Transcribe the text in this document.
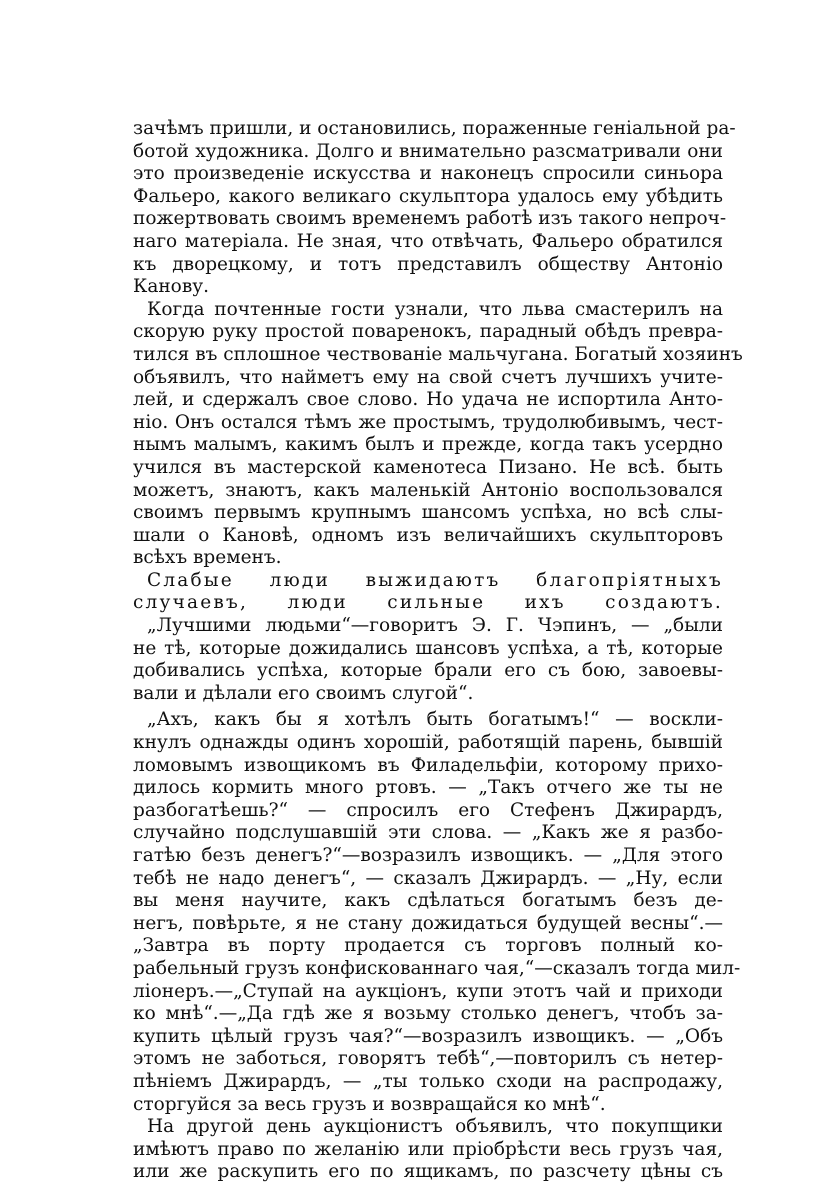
зачѣмъ пришли, и остановились, пораженные геніальной ра-
ботой художника. Долго и внимательно разсматривали они
это произведеніе искусства и наконецъ спросили синьора
Фальеро, какого великаго скульптора удалось ему убѣдить
пожертвовать своимъ временемъ работѣ изъ такого непроч-
наго матеріала. Не зная, что отвѣчать, Фальеро обратился
къ дворецкому, и тотъ представилъ обществу Антоніо
Канову.
Когда почтенные гости узнали, что льва смастерилъ на
скорую руку простой поваренокъ, парадный обѣдъ превра-
тился въ сплошное чествованіе мальчугана. Богатый хозяинъ
объявилъ, что найметъ ему на свой счетъ лучшихъ учите-
лей, и сдержалъ свое слово. Но удача не испортила Анто-
ніо. Онъ остался тѣмъ же простымъ, трудолюбивымъ, чест-
нымъ малымъ, какимъ былъ и прежде, когда такъ усердно
учился въ мастерской каменотеса Пизано. Не всѣ. быть
можетъ, знаютъ, какъ маленькій Антоніо воспользовался
своимъ первымъ крупнымъ шансомъ успѣха, но всѣ слы-
шали о Кановѣ, одномъ изъ величайшихъ скульпторовъ
всѣхъ временъ.
Слабые люди выжидаютъ благопріятныхъ
случаевъ, люди сильные ихъ создаютъ.
„Лучшими людьми“—говоритъ Э. Г. Чэпинъ, — „были
не тѣ, которые дожидались шансовъ успѣха, а тѣ, которые
добивались успѣха, которые брали его съ бою, завоевы-
вали и дѣлали его своимъ слугой“.
„Ахъ, какъ бы я хотѣлъ быть богатымъ!“ — воскли-
кнулъ однажды одинъ хорошій, работящій парень, бывшій
ломовымъ извощикомъ въ Филадельфіи, которому прихо-
дилось кормить много ртовъ. — „Такъ отчего же ты не
разбогатѣешь?“ — спросилъ его Стефенъ Джирардъ,
случайно подслушавшій эти слова. — „Какъ же я разбо-
гатѣю безъ денегъ?“—возразилъ извощикъ. — „Для этого
тебѣ не надо денегъ“, — сказалъ Джирардъ. — „Ну, если
вы меня научите, какъ сдѣлаться богатымъ безъ де-
негъ, повѣрьте, я не стану дожидаться будущей весны“.—
„Завтра въ порту продается съ торговъ полный ко-
рабельный грузъ конфискованнаго чая,“—сказалъ тогда мил-
ліонеръ.—„Ступай на аукціонъ, купи этотъ чай и приходи
ко мнѣ“.—„Да гдѣ же я возьму столько денегъ, чтобъ за-
купить цѣлый грузъ чая?“—возразилъ извощикъ. — „Объ
этомъ не заботься, говорятъ тебѣ“,—повторилъ съ нетер-
пѣніемъ Джирардъ, — „ты только сходи на распродажу,
сторгуйся за весь грузъ и возвращайся ко мнѣ“.
На другой день аукціонистъ объявилъ, что покупщики
имѣютъ право по желанію или пріобрѣсти весь грузъ чая,
или же раскупить его по ящикамъ, по разсчету цѣны съ
